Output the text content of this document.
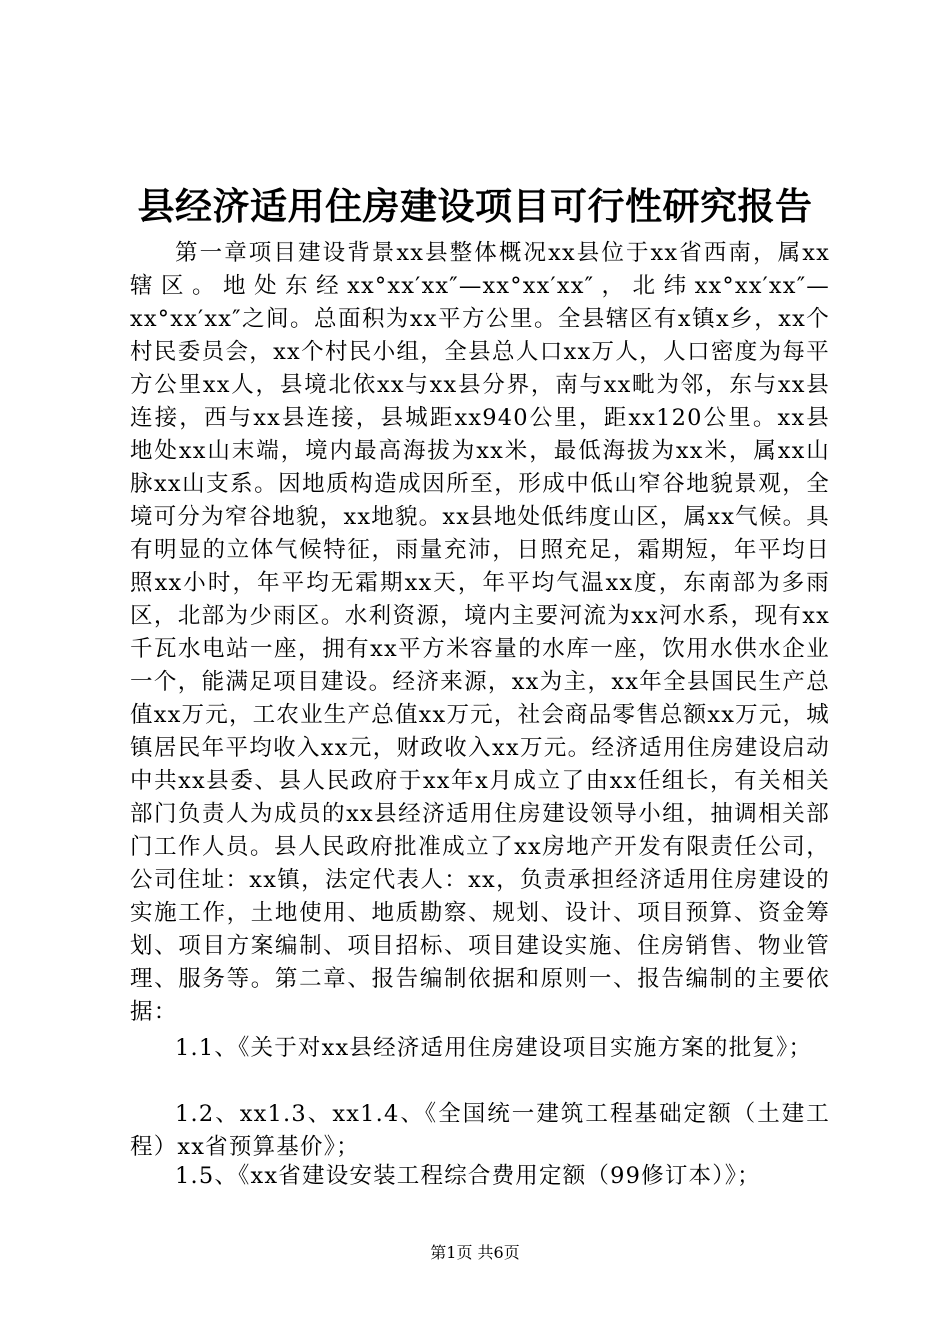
县经济适用住房建设项目可行性研究报告

第一章项目建设背景xx县整体概况xx县位于xx省西南，属xx辖区。地处东经xx°xx′xx″—xx°xx′xx″，北纬xx°xx′xx″—xx°xx′xx″之间。总面积为xx平方公里。全县辖区有x镇x乡，xx个村民委员会，xx个村民小组，全县总人口xx万人，人口密度为每平方公里xx人，县境北依xx与xx县分界，南与xx毗为邻，东与xx县连接，西与xx县连接，县城距xx940公里，距xx120公里。xx县地处xx山末端，境内最高海拔为xx米，最低海拔为xx米，属xx山脉xx山支系。因地质构造成因所至，形成中低山窄谷地貌景观，全境可分为窄谷地貌，xx地貌。xx县地处低纬度山区，属xx气候。具有明显的立体气候特征，雨量充沛，日照充足，霜期短，年平均日照xx小时，年平均无霜期xx天，年平均气温xx度，东南部为多雨区，北部为少雨区。水利资源，境内主要河流为xx河水系，现有xx千瓦水电站一座，拥有xx平方米容量的水库一座，饮用水供水企业一个，能满足项目建设。经济来源，xx为主，xx年全县国民生产总值xx万元，工农业生产总值xx万元，社会商品零售总额xx万元，城镇居民年平均收入xx元，财政收入xx万元。经济适用住房建设启动中共xx县委、县人民政府于xx年x月成立了由xx任组长，有关相关部门负责人为成员的xx县经济适用住房建设领导小组，抽调相关部门工作人员。县人民政府批准成立了xx房地产开发有限责任公司，公司住址：xx镇，法定代表人：xx，负责承担经济适用住房建设的实施工作，土地使用、地质勘察、规划、设计、项目预算、资金筹划、项目方案编制、项目招标、项目建设实施、住房销售、物业管理、服务等。第二章、报告编制依据和原则一、报告编制的主要依据：

1.1、《关于对xx县经济适用住房建设项目实施方案的批复》；

1.2、xx1.3、xx1.4、《全国统一建筑工程基础定额（土建工程）xx省预算基价》；

1.5、《xx省建设安装工程综合费用定额（99修订本）》；

第1页 共6页
